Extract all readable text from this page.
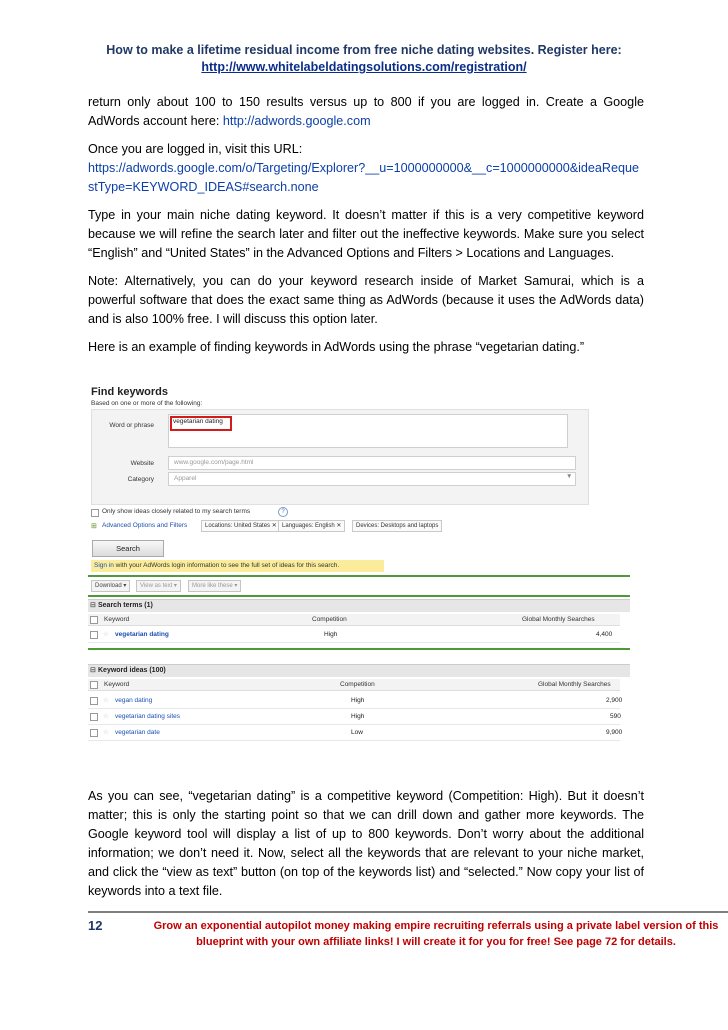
How to make a lifetime residual income from free niche dating websites. Register here:
http://www.whitelabeldatingsolutions.com/registration/

return only about 100 to 150 results versus up to 800 if you are logged in. Create a Google AdWords account here: http://adwords.google.com

Once you are logged in, visit this URL:
https://adwords.google.com/o/Targeting/Explorer?__u=1000000000&__c=1000000000&ideaRequestType=KEYWORD_IDEAS#search.none

Type in your main niche dating keyword. It doesn’t matter if this is a very competitive keyword because we will refine the search later and filter out the ineffective keywords. Make sure you select “English” and “United States” in the Advanced Options and Filters > Locations and Languages.

Note: Alternatively, you can do your keyword research inside of Market Samurai, which is a powerful software that does the exact same thing as AdWords (because it uses the AdWords data) and is also 100% free. I will discuss this option later.

Here is an example of finding keywords in AdWords using the phrase “vegetarian dating.”

Find keywords
Based on one or more of the following:
Word or phrase
vegetarian dating
Website	www.google.com/page.html
Category	Apparel	▼
Only show ideas closely related to my search terms	?
⊞ Advanced Options and Filters	Locations: United States ✕ Languages: English ✕	Devices: Desktops and laptops
Search
Sign in with your AdWords login information to see the full set of ideas for this search.
Download ▾	View as text ▾	More like these ▾
⊟ Search terms (1)
Keyword	Competition	Global Monthly Searches
☆ vegetarian dating	High	4,400
⊟ Keyword ideas (100)
Keyword	Competition	Global Monthly Searches
☆ vegan dating	High	2,900
☆ vegetarian dating sites	High	590
☆ vegetarian date	Low	9,900

As you can see, “vegetarian dating” is a competitive keyword (Competition: High). But it doesn’t matter; this is only the starting point so that we can drill down and gather more keywords. The Google keyword tool will display a list of up to 800 keywords. Don’t worry about the additional information; we don’t need it. Now, select all the keywords that are relevant to your niche market, and click the “view as text” button (on top of the keywords list) and “selected.” Now copy your list of keywords into a text file.

12	Grow an exponential autopilot money making empire recruiting referrals using a private label version of this blueprint with your own affiliate links! I will create it for you for free! See page 72 for details.
